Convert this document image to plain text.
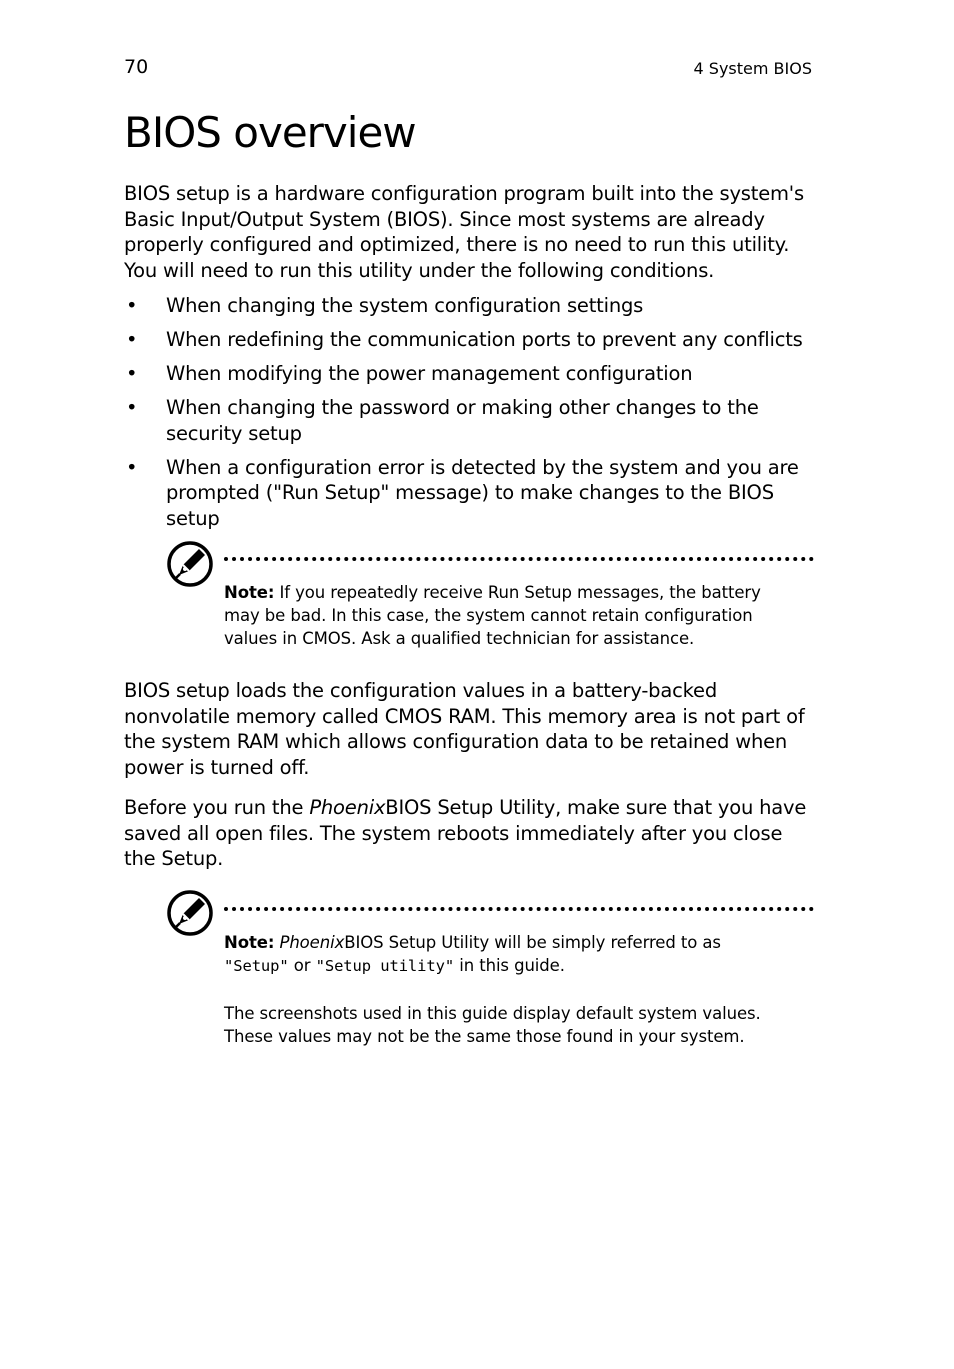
70	4 System BIOS
BIOS overview

BIOS setup is a hardware configuration program built into the system's Basic Input/Output System (BIOS). Since most systems are already properly configured and optimized, there is no need to run this utility. You will need to run this utility under the following conditions.

• When changing the system configuration settings
• When redefining the communication ports to prevent any conflicts
• When modifying the power management configuration
• When changing the password or making other changes to the security setup
• When a configuration error is detected by the system and you are prompted ("Run Setup" message) to make changes to the BIOS setup

Note: If you repeatedly receive Run Setup messages, the battery may be bad. In this case, the system cannot retain configuration values in CMOS. Ask a qualified technician for assistance.

BIOS setup loads the configuration values in a battery-backed nonvolatile memory called CMOS RAM. This memory area is not part of the system RAM which allows configuration data to be retained when power is turned off.

Before you run the PhoenixBIOS Setup Utility, make sure that you have saved all open files. The system reboots immediately after you close the Setup.

Note: PhoenixBIOS Setup Utility will be simply referred to as
"Setup" or "Setup utility" in this guide.

The screenshots used in this guide display default system values. These values may not be the same those found in your system.
